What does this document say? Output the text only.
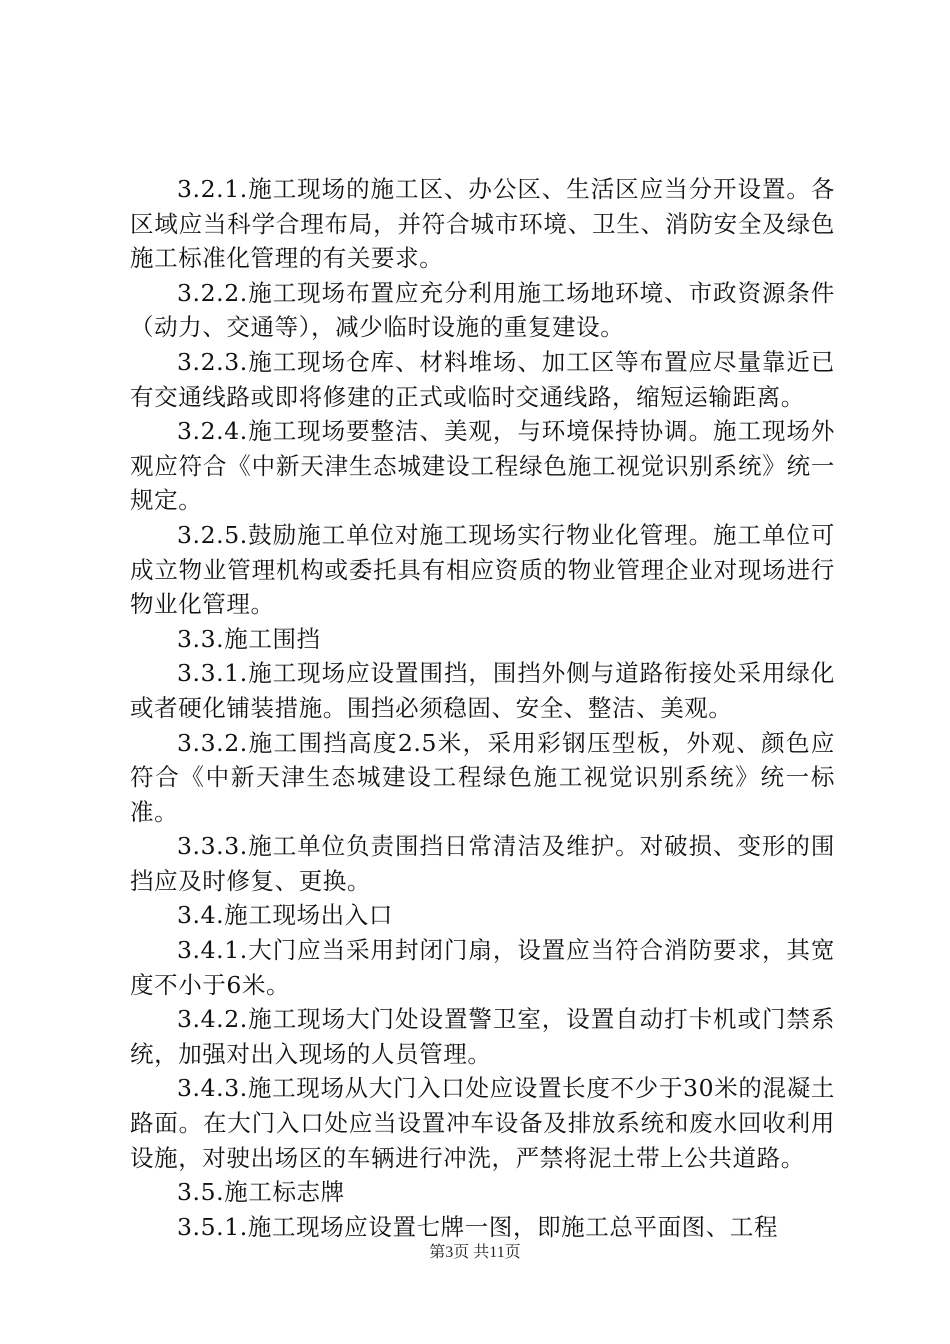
3.2.1.施工现场的施工区、办公区、生活区应当分开设置。各区域应当科学合理布局，并符合城市环境、卫生、消防安全及绿色施工标准化管理的有关要求。

3.2.2.施工现场布置应充分利用施工场地环境、市政资源条件（动力、交通等），减少临时设施的重复建设。

3.2.3.施工现场仓库、材料堆场、加工区等布置应尽量靠近已有交通线路或即将修建的正式或临时交通线路，缩短运输距离。

3.2.4.施工现场要整洁、美观，与环境保持协调。施工现场外观应符合《中新天津生态城建设工程绿色施工视觉识别系统》统一规定。

3.2.5.鼓励施工单位对施工现场实行物业化管理。施工单位可成立物业管理机构或委托具有相应资质的物业管理企业对现场进行物业化管理。

3.3.施工围挡

3.3.1.施工现场应设置围挡，围挡外侧与道路衔接处采用绿化或者硬化铺装措施。围挡必须稳固、安全、整洁、美观。

3.3.2.施工围挡高度2.5米，采用彩钢压型板，外观、颜色应符合《中新天津生态城建设工程绿色施工视觉识别系统》统一标准。

3.3.3.施工单位负责围挡日常清洁及维护。对破损、变形的围挡应及时修复、更换。

3.4.施工现场出入口

3.4.1.大门应当采用封闭门扇，设置应当符合消防要求，其宽度不小于6米。

3.4.2.施工现场大门处设置警卫室，设置自动打卡机或门禁系统，加强对出入现场的人员管理。

3.4.3.施工现场从大门入口处应设置长度不少于30米的混凝土路面。在大门入口处应当设置冲车设备及排放系统和废水回收利用设施，对驶出场区的车辆进行冲洗，严禁将泥土带上公共道路。

3.5.施工标志牌

3.5.1.施工现场应设置七牌一图，即施工总平面图、工程

第3页 共11页
